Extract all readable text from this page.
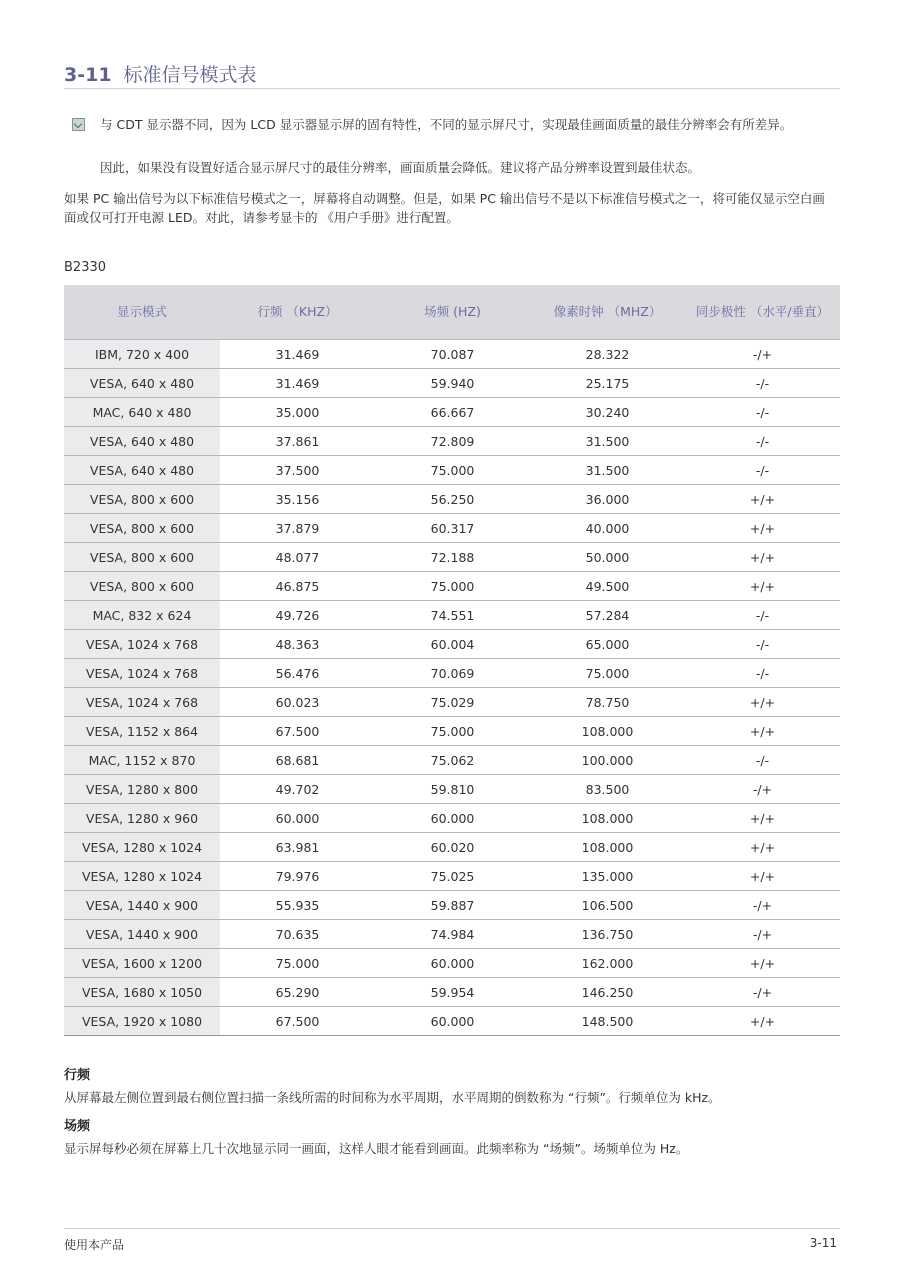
3-11 标准信号模式表
与 CDT 显示器不同，因为 LCD 显示器显示屏的固有特性，不同的显示屏尺寸，实现最佳画面质量的最佳分辨率会有所差异。
因此，如果没有设置好适合显示屏尺寸的最佳分辨率，画面质量会降低。建议将产品分辨率设置到最佳状态。
如果 PC 输出信号为以下标准信号模式之一，屏幕将自动调整。但是，如果 PC 输出信号不是以下标准信号模式之一，将可能仅显示空白画面或仅可打开电源 LED。对此，请参考显卡的 《用户手册》进行配置。
B2330
显示模式	行频 （KHZ）	场频 (HZ)	像素时钟 （MHZ）	同步极性 （水平/垂直）
IBM, 720 x 400	31.469	70.087	28.322	-/+
VESA, 640 x 480	31.469	59.940	25.175	-/-
MAC, 640 x 480	35.000	66.667	30.240	-/-
VESA, 640 x 480	37.861	72.809	31.500	-/-
VESA, 640 x 480	37.500	75.000	31.500	-/-
VESA, 800 x 600	35.156	56.250	36.000	+/+
VESA, 800 x 600	37.879	60.317	40.000	+/+
VESA, 800 x 600	48.077	72.188	50.000	+/+
VESA, 800 x 600	46.875	75.000	49.500	+/+
MAC, 832 x 624	49.726	74.551	57.284	-/-
VESA, 1024 x 768	48.363	60.004	65.000	-/-
VESA, 1024 x 768	56.476	70.069	75.000	-/-
VESA, 1024 x 768	60.023	75.029	78.750	+/+
VESA, 1152 x 864	67.500	75.000	108.000	+/+
MAC, 1152 x 870	68.681	75.062	100.000	-/-
VESA, 1280 x 800	49.702	59.810	83.500	-/+
VESA, 1280 x 960	60.000	60.000	108.000	+/+
VESA, 1280 x 1024	63.981	60.020	108.000	+/+
VESA, 1280 x 1024	79.976	75.025	135.000	+/+
VESA, 1440 x 900	55.935	59.887	106.500	-/+
VESA, 1440 x 900	70.635	74.984	136.750	-/+
VESA, 1600 x 1200	75.000	60.000	162.000	+/+
VESA, 1680 x 1050	65.290	59.954	146.250	-/+
VESA, 1920 x 1080	67.500	60.000	148.500	+/+
行频
从屏幕最左侧位置到最右侧位置扫描一条线所需的时间称为水平周期，水平周期的倒数称为 “行频”。行频单位为 kHz。
场频
显示屏每秒必须在屏幕上几十次地显示同一画面，这样人眼才能看到画面。此频率称为 “场频”。场频单位为 Hz。
使用本产品	3-11
